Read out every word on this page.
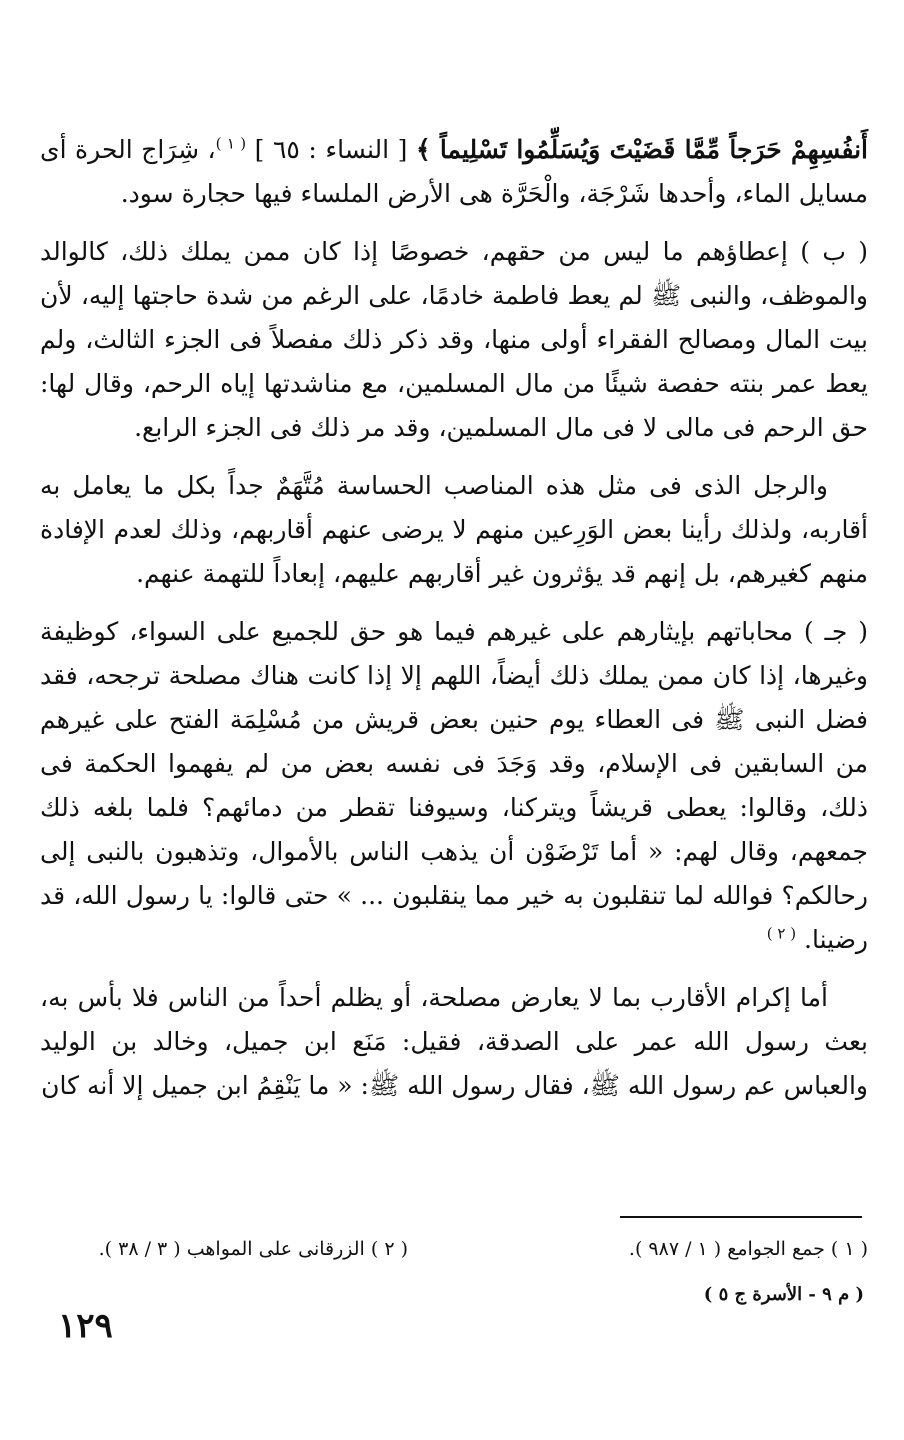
أَنفُسِهِمْ حَرَجاً مِّمَّا قَضَيْتَ وَيُسَلِّمُوا تَسْلِيماً ﴾ [ النساء : ٦٥ ] $^{( ١ )}$، شِرَاج الحرة أى مسايل الماء، وأحدها شَرْجَة، والْحَرَّة هى الأرض الملساء فيها حجارة سود.

( ب ) إعطاؤهم ما ليس من حقهم، خصوصًا إذا كان ممن يملك ذلك، كالوالد والموظف، والنبى ﷺ لم يعط فاطمة خادمًا، على الرغم من شدة حاجتها إليه، لأن بيت المال ومصالح الفقراء أولى منها، وقد ذكر ذلك مفصلاً فى الجزء الثالث، ولم يعط عمر بنته حفصة شيئًا من مال المسلمين، مع مناشدتها إياه الرحم، وقال لها: حق الرحم فى مالى لا فى مال المسلمين، وقد مر ذلك فى الجزء الرابع.

والرجل الذى فى مثل هذه المناصب الحساسة مُتَّهَمٌ جداً بكل ما يعامل به أقاربه، ولذلك رأينا بعض الوَرِعين منهم لا يرضى عنهم أقاربهم، وذلك لعدم الإفادة منهم كغيرهم، بل إنهم قد يؤثرون غير أقاربهم عليهم، إبعاداً للتهمة عنهم.

( جـ ) محاباتهم بإيثارهم على غيرهم فيما هو حق للجميع على السواء، كوظيفة وغيرها، إذا كان ممن يملك ذلك أيضاً، اللهم إلا إذا كانت هناك مصلحة ترجحه، فقد فضل النبى ﷺ فى العطاء يوم حنين بعض قريش من مُسْلِمَة الفتح على غيرهم من السابقين فى الإسلام، وقد وَجَدَ فى نفسه بعض من لم يفهموا الحكمة فى ذلك، وقالوا: يعطى قريشاً ويتركنا، وسيوفنا تقطر من دمائهم؟ فلما بلغه ذلك جمعهم، وقال لهم: « أما تَرْضَوْن أن يذهب الناس بالأموال، وتذهبون بالنبى إلى رحالكم؟ فوالله لما تنقلبون به خير مما ينقلبون ... » حتى قالوا: يا رسول الله، قد رضينا. $^{( ٢ )}$

أما إكرام الأقارب بما لا يعارض مصلحة، أو يظلم أحداً من الناس فلا بأس به، بعث رسول الله عمر على الصدقة، فقيل: مَنَع ابن جميل، وخالد بن الوليد والعباس عم رسول الله ﷺ، فقال رسول الله ﷺ: « ما يَنْقِمُ ابن جميل إلا أنه كان

( ١ ) جمع الجوامع ( ١ / ٩٨٧ ).
( ٢ ) الزرقانى على المواهب ( ٣ / ٣٨ ).
( م ٩ - الأسرة ج ٥ )
١٢٩
